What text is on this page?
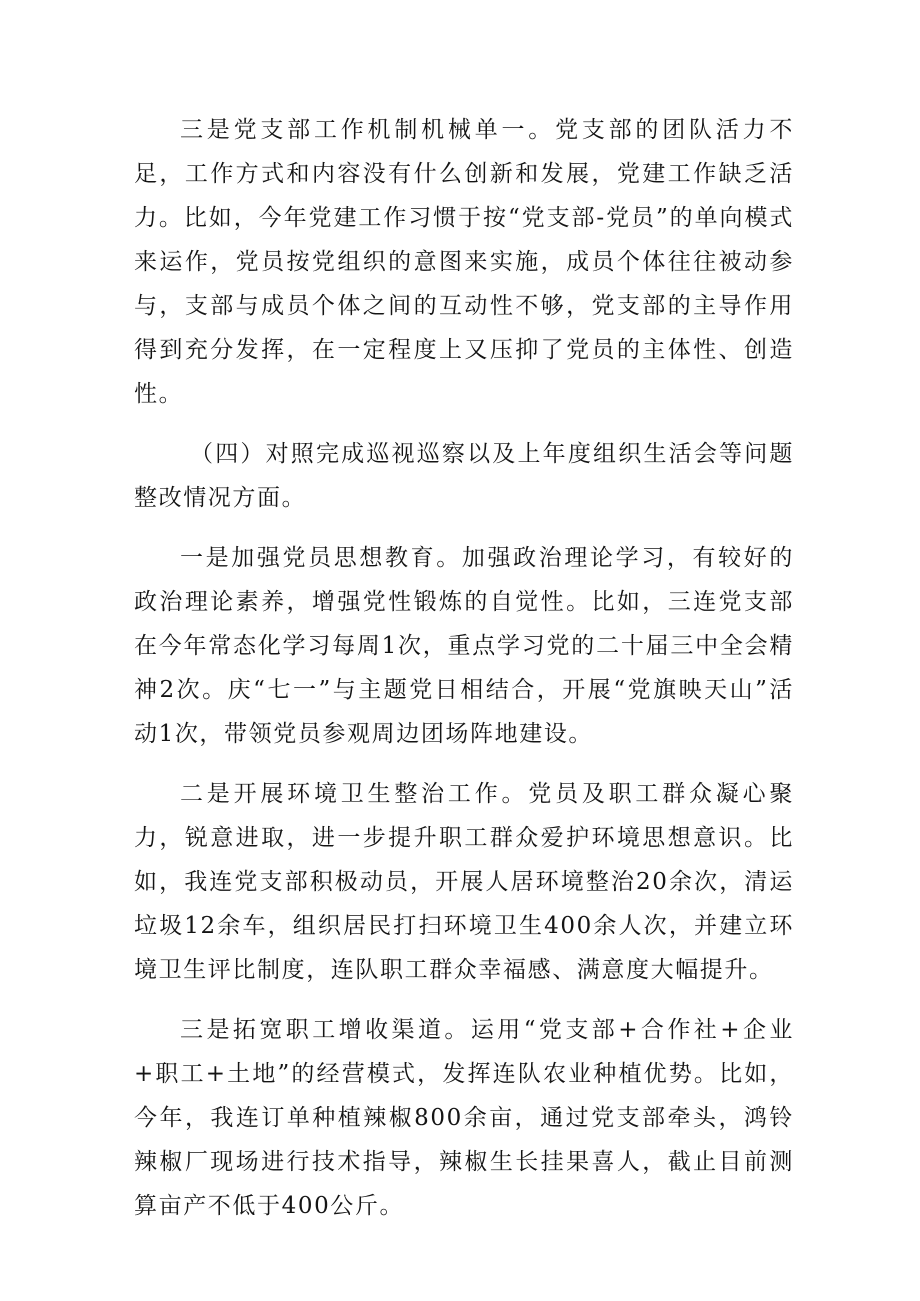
三是党支部工作机制机械单一。党支部的团队活力不足，工作方式和内容没有什么创新和发展，党建工作缺乏活力。比如，今年党建工作习惯于按“党支部-党员”的单向模式来运作，党员按党组织的意图来实施，成员个体往往被动参与，支部与成员个体之间的互动性不够，党支部的主导作用得到充分发挥，在一定程度上又压抑了党员的主体性、创造性。

（四）对照完成巡视巡察以及上年度组织生活会等问题整改情况方面。

一是加强党员思想教育。加强政治理论学习，有较好的政治理论素养，增强党性锻炼的自觉性。比如，三连党支部在今年常态化学习每周1次，重点学习党的二十届三中全会精神2次。庆“七一”与主题党日相结合，开展“党旗映天山”活动1次，带领党员参观周边团场阵地建设。

二是开展环境卫生整治工作。党员及职工群众凝心聚力，锐意进取，进一步提升职工群众爱护环境思想意识。比如，我连党支部积极动员，开展人居环境整治20余次，清运垃圾12余车，组织居民打扫环境卫生400余人次，并建立环境卫生评比制度，连队职工群众幸福感、满意度大幅提升。

三是拓宽职工增收渠道。运用“党支部+合作社+企业+职工+土地”的经营模式，发挥连队农业种植优势。比如，今年，我连订单种植辣椒800余亩，通过党支部牵头，鸿铃辣椒厂现场进行技术指导，辣椒生长挂果喜人，截止目前测算亩产不低于400公斤。
